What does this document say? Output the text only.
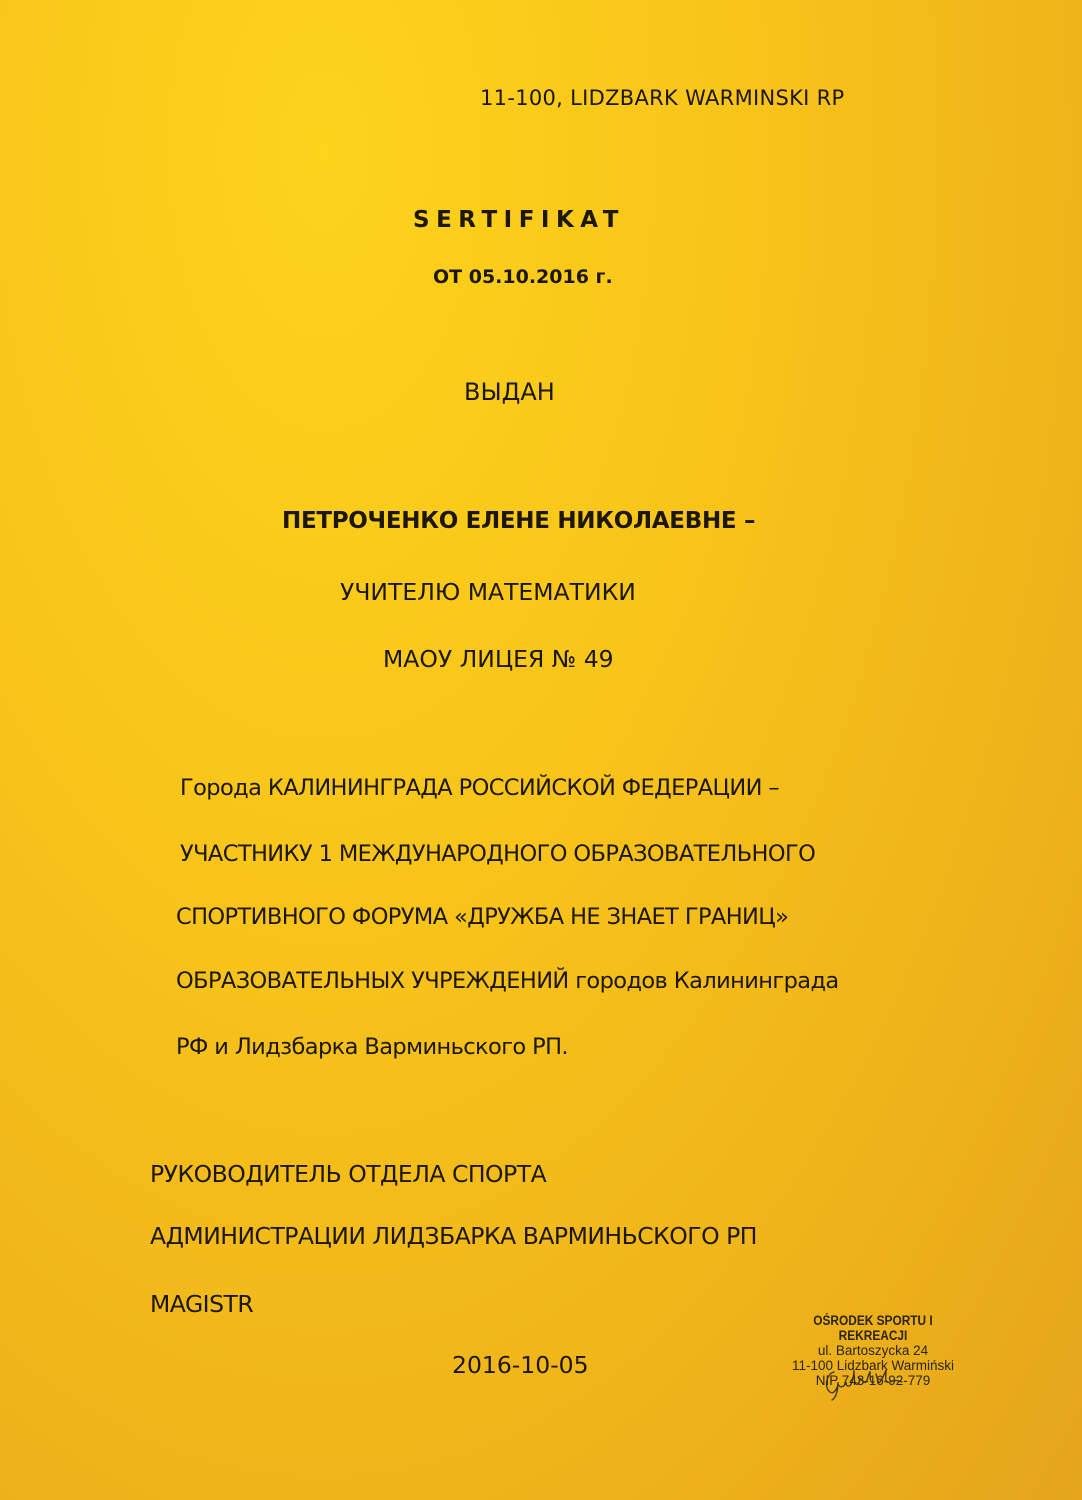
11-100, LIDZBARK WARMINSKI RP

SERTIFIKAT

ОТ 05.10.2016 г.

ВЫДАН

ПЕТРОЧЕНКО ЕЛЕНЕ НИКОЛАЕВНЕ –

УЧИТЕЛЮ МАТЕМАТИКИ

МАОУ ЛИЦЕЯ № 49

Города КАЛИНИНГРАДА РОССИЙСКОЙ ФЕДЕРАЦИИ –

УЧАСТНИКУ 1 МЕЖДУНАРОДНОГО ОБРАЗОВАТЕЛЬНОГО

СПОРТИВНОГО ФОРУМА «ДРУЖБА НЕ ЗНАЕТ ГРАНИЦ»

ОБРАЗОВАТЕЛЬНЫХ УЧРЕЖДЕНИЙ городов Калининграда

РФ и Лидзбарка Варминьского РП.

РУКОВОДИТЕЛЬ ОТДЕЛА СПОРТА

АДМИНИСТРАЦИИ ЛИДЗБАРКА ВАРМИНЬСКОГО РП

MAGISTR

2016-10-05

OŚRODEK SPORTU I REKREACJI
ul. Bartoszycka 24
11-100 Lidzbark Warmiński
NIP 743-16-92-779
